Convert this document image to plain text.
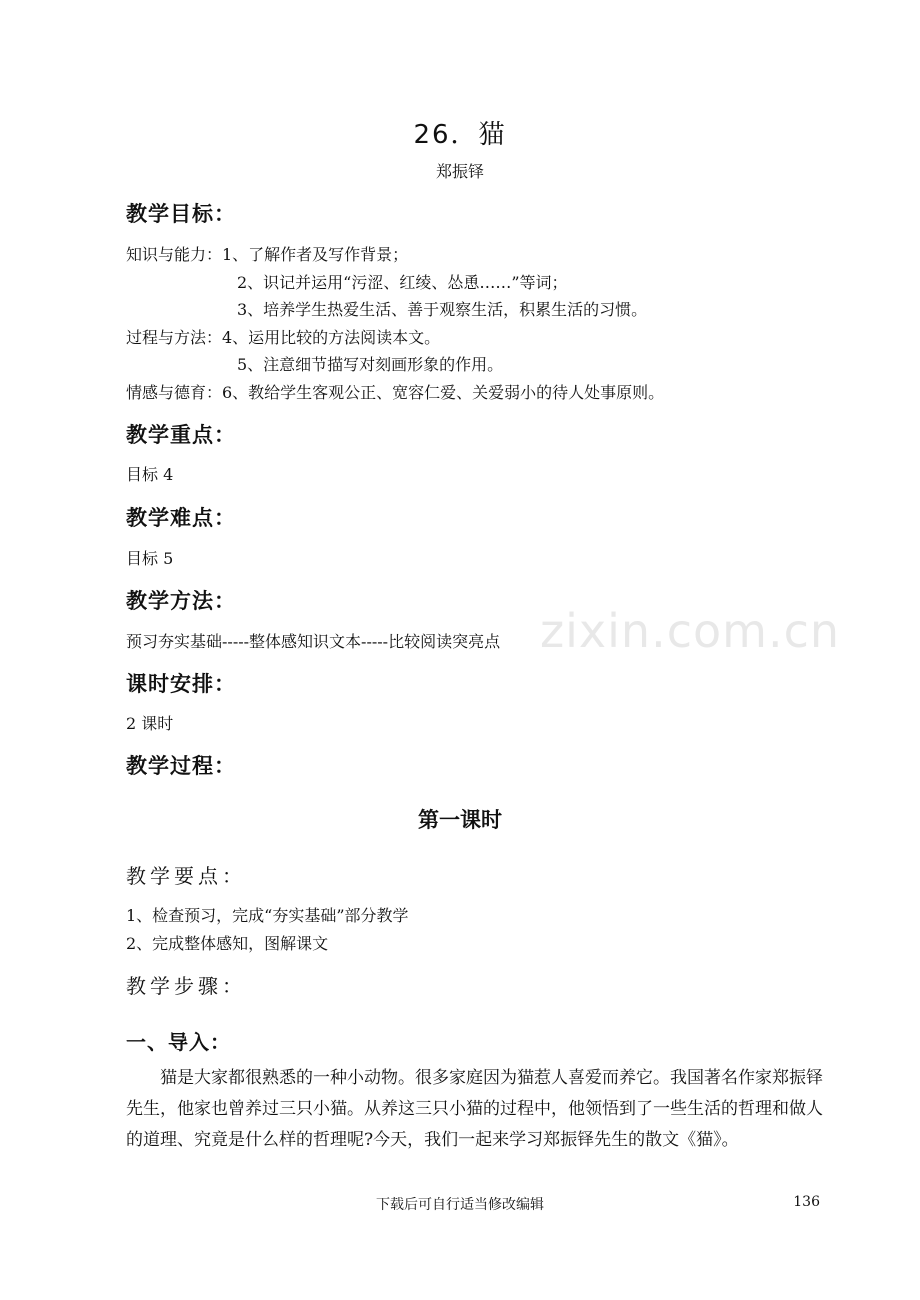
zixin.com.cn
26．猫
郑振铎
教学目标：
知识与能力：1、了解作者及写作背景；
2、识记并运用“污涩、红绫、怂恿……”等词；
3、培养学生热爱生活、善于观察生活，积累生活的习惯。
过程与方法：4、运用比较的方法阅读本文。
5、注意细节描写对刻画形象的作用。
情感与德育：6、教给学生客观公正、宽容仁爱、关爱弱小的待人处事原则。
教学重点：
目标 4
教学难点：
目标 5
教学方法：
预习夯实基础-----整体感知识文本-----比较阅读突亮点
课时安排：
2 课时
教学过程：
第一课时
教学要点：
1、检查预习，完成“夯实基础”部分教学
2、完成整体感知，图解课文
教学步骤：
一、导入：

猫是大家都很熟悉的一种小动物。很多家庭因为猫惹人喜爱而养它。我国著名作家郑振铎先生，他家也曾养过三只小猫。从养这三只小猫的过程中，他领悟到了一些生活的哲理和做人的道理、究竟是什么样的哲理呢?今天，我们一起来学习郑振铎先生的散文《猫》。

下载后可自行适当修改编辑	136
